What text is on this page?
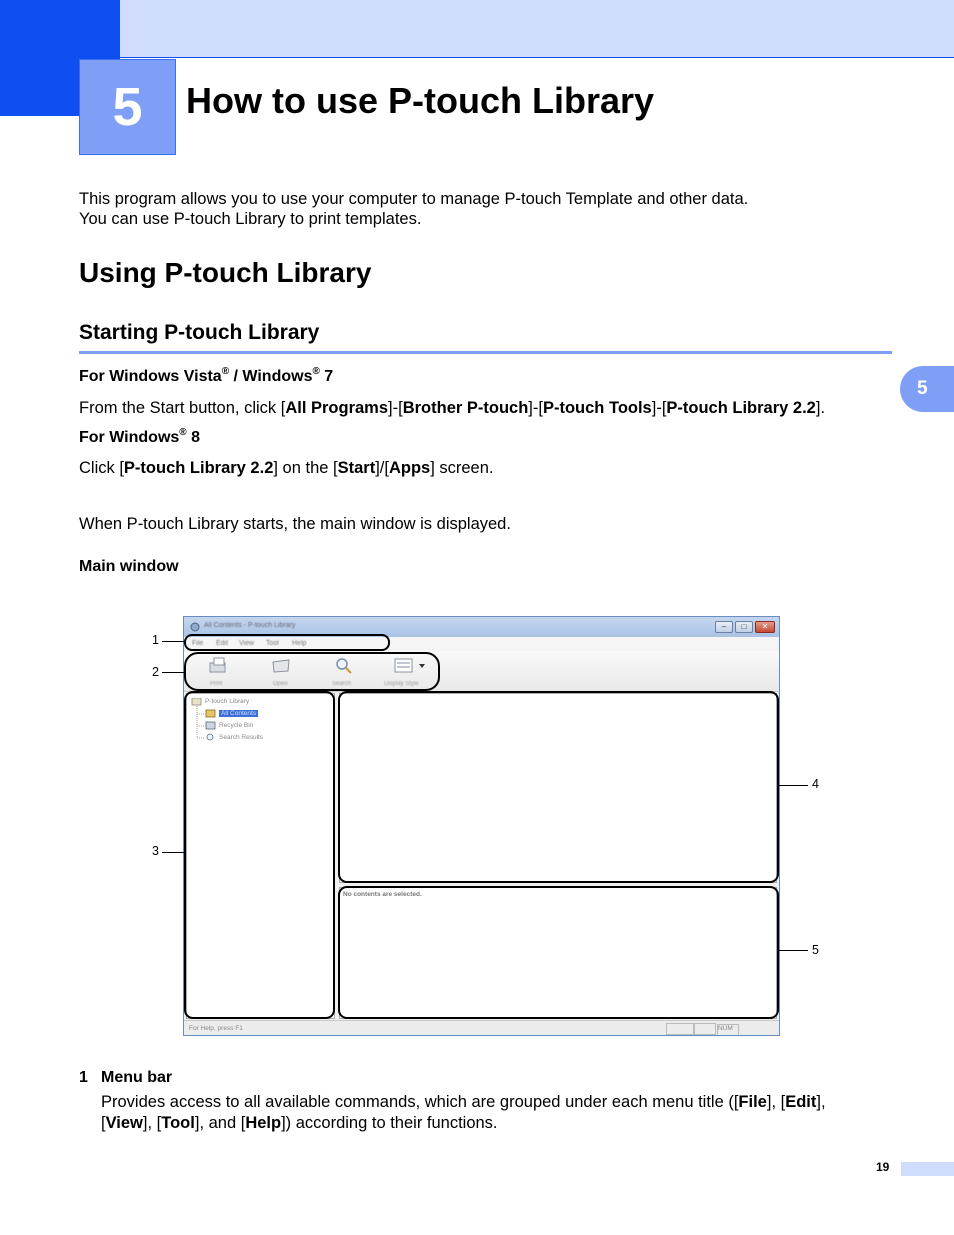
5	How to use P-touch Library
5
This program allows you to use your computer to manage P-touch Template and other data.
You can use P-touch Library to print templates.
Using P-touch Library
Starting P-touch Library
For Windows Vista® / Windows® 7
From the Start button, click [All Programs]-[Brother P-touch]-[P-touch Tools]-[P-touch Library 2.2].
For Windows® 8
Click [P-touch Library 2.2] on the [Start]/[Apps] screen.
When P-touch Library starts, the main window is displayed.
Main window
All Contents - P-touch Library	–	□	✕
File Edit View Tool Help
Print	Open	Search	Display Style
P-touch Library
All Contents
Recycle Bin
Search Results
No contents are selected.
For Help, press F1	NUM
1
2
3
4
5
1 Menu bar
Provides access to all available commands, which are grouped under each menu title ([File], [Edit],
[View], [Tool], and [Help]) according to their functions.
19
